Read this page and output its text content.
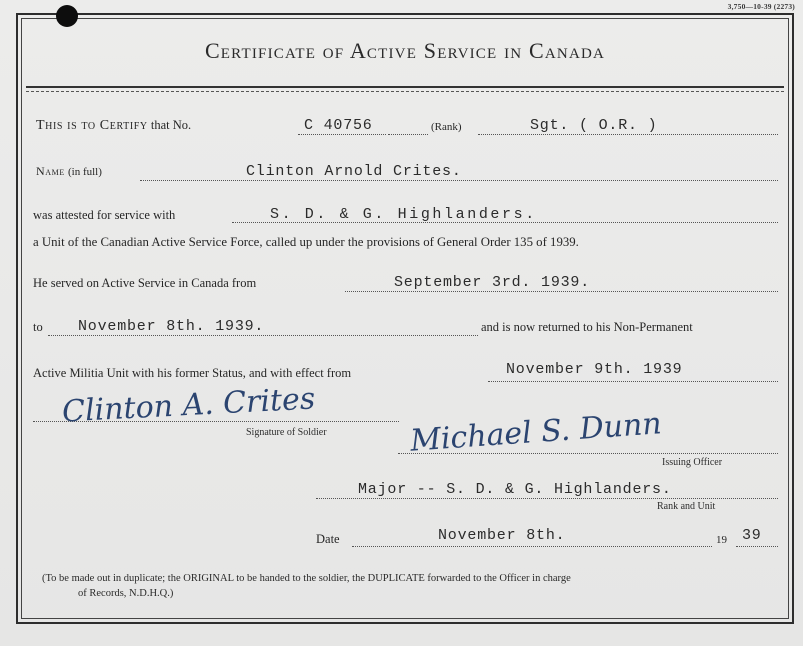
3,750—10-39 (2273)
Certificate of Active Service in Canada
This is to Certify that No.	C 40756	(Rank)	Sgt. ( O.R. )
Name (in full)	Clinton Arnold Crites.
was attested for service with	S. D. & G. Highlanders.
a Unit of the Canadian Active Service Force, called up under the provisions of General Order 135 of 1939.
He served on Active Service in Canada from	September 3rd. 1939.
to November 8th. 1939.	and is now returned to his Non-Permanent
Active Militia Unit with his former Status, and with effect from	November 9th. 1939
Clinton A. Crites
Signature of Soldier	Michael S. Dunn
Issuing Officer
Major -- S. D. & G. Highlanders.
Rank and Unit
Date	November 8th.	19 39
(To be made out in duplicate; the ORIGINAL to be handed to the soldier, the DUPLICATE forwarded to the Officer in charge
of Records, N.D.H.Q.)
